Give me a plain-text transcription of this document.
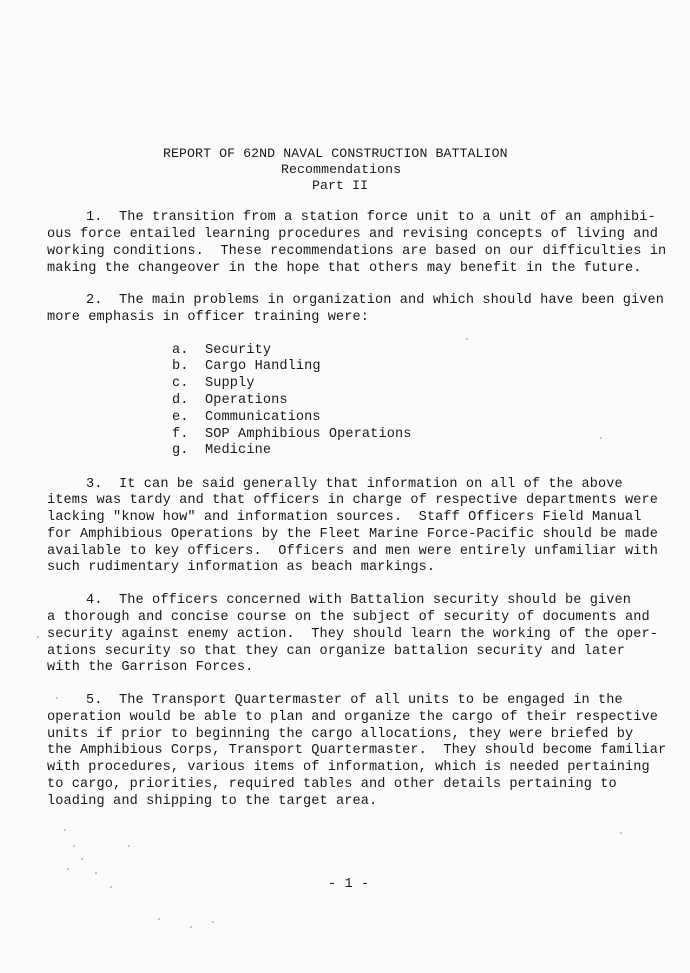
REPORT OF 62ND NAVAL CONSTRUCTION BATTALION
Recommendations
Part II
1.  The transition from a station force unit to a unit of an amphibi-
ous force entailed learning procedures and revising concepts of living and
working conditions.  These recommendations are based on our difficulties in
making the changeover in the hope that others may benefit in the future.
2.  The main problems in organization and which should have been given
more emphasis in officer training were:
a.  Security
b.  Cargo Handling
c.  Supply
d.  Operations
e.  Communications
f.  SOP Amphibious Operations
g.  Medicine
3.  It can be said generally that information on all of the above
items was tardy and that officers in charge of respective departments were
lacking "know how" and information sources.  Staff Officers Field Manual
for Amphibious Operations by the Fleet Marine Force-Pacific should be made
available to key officers.  Officers and men were entirely unfamiliar with
such rudimentary information as beach markings.
4.  The officers concerned with Battalion security should be given
a thorough and concise course on the subject of security of documents and
security against enemy action.  They should learn the working of the oper-
ations security so that they can organize battalion security and later
with the Garrison Forces.
5.  The Transport Quartermaster of all units to be engaged in the
operation would be able to plan and organize the cargo of their respective
units if prior to beginning the cargo allocations, they were briefed by
the Amphibious Corps, Transport Quartermaster.  They should become familiar
with procedures, various items of information, which is needed pertaining
to cargo, priorities, required tables and other details pertaining to
loading and shipping to the target area.
- 1 -
